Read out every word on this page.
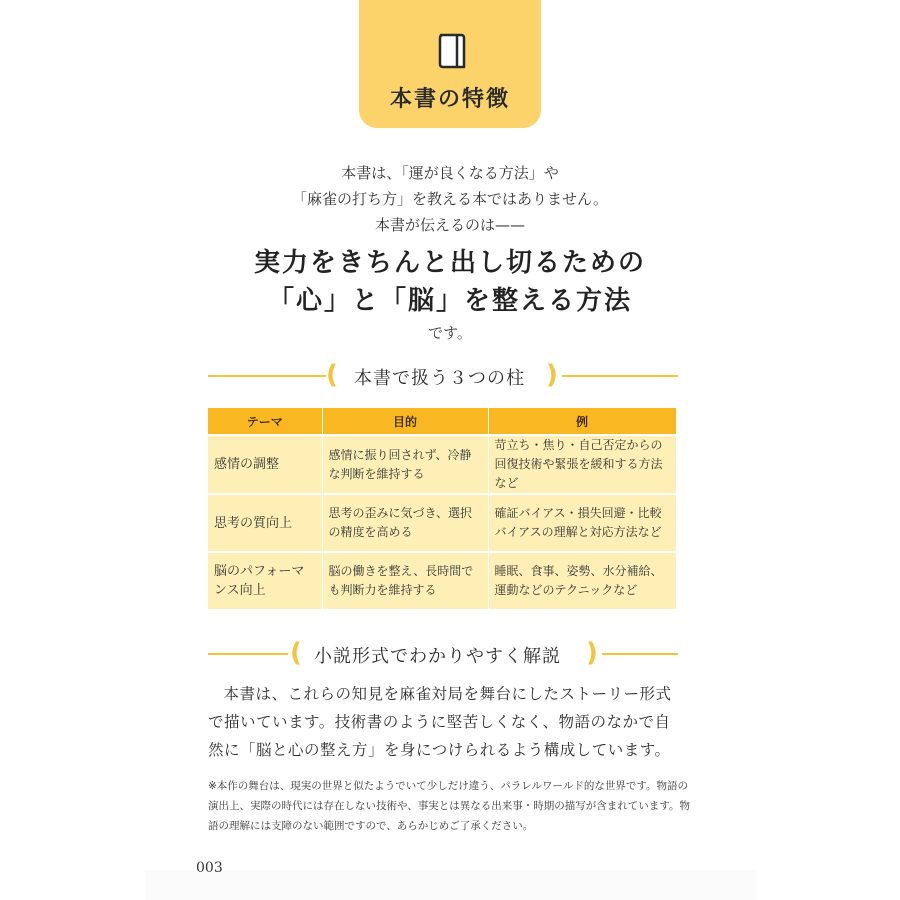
本書の特徴
本書は、「運が良くなる方法」や
「麻雀の打ち方」を教える本ではありません。
本書が伝えるのは——
実力をきちんと出し切るための
「心」と「脳」を整える方法
です。
( 本書で扱う３つの柱 )
テーマ	目的	例
感情の調整	感情に振り回されず、冷静な判断を維持する	苛立ち・焦り・自己否定からの回復技術や緊張を緩和する方法など
思考の質向上	思考の歪みに気づき、選択の精度を高める	確証バイアス・損失回避・比較バイアスの理解と対応方法など
脳のパフォーマンス向上	脳の働きを整え、長時間でも判断力を維持する	睡眠、食事、姿勢、水分補給、運動などのテクニックなど
( 小説形式でわかりやすく解説 )

本書は、これらの知見を麻雀対局を舞台にしたストーリー形式で描いています。技術書のように堅苦しくなく、物語のなかで自然に「脳と心の整え方」を身につけられるよう構成しています。

※本作の舞台は、現実の世界と似たようでいて少しだけ違う、パラレルワールド的な世界です。物語の演出上、実際の時代には存在しない技術や、事実とは異なる出来事・時期の描写が含まれています。物語の理解には支障のない範囲ですので、あらかじめご了承ください。
003
